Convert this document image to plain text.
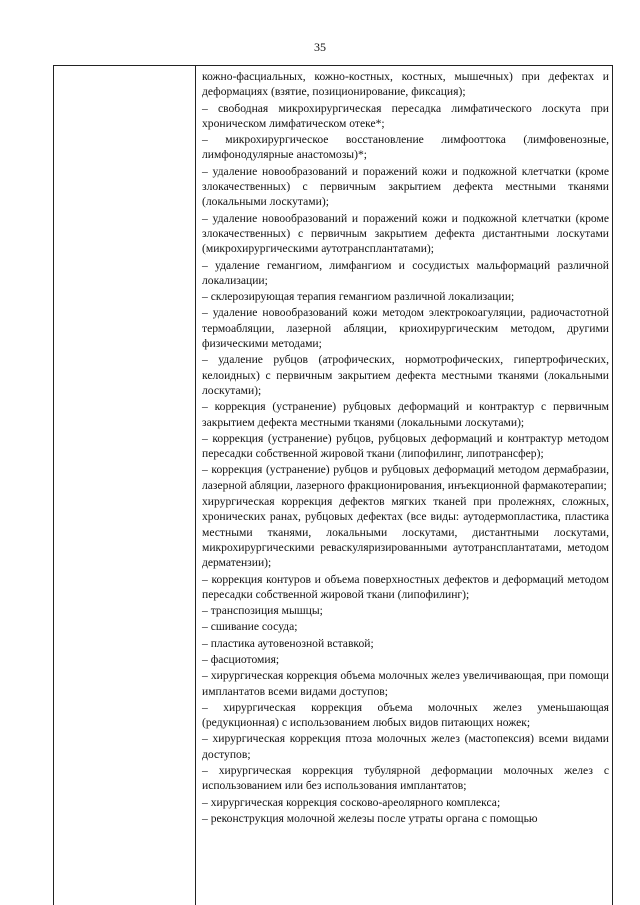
35
кожно-фасциальных, кожно-костных, костных, мышечных) при дефектах и деформациях (взятие, позиционирование, фиксация);
– свободная микрохирургическая пересадка лимфатического лоскута при хроническом лимфатическом отеке*;
– микрохирургическое восстановление лимфооттока (лимфовенозные, лимфонодулярные анастомозы)*;
– удаление новообразований и поражений кожи и подкожной клетчатки (кроме злокачественных) с первичным закрытием дефекта местными тканями (локальными лоскутами);
– удаление новообразований и поражений кожи и подкожной клетчатки (кроме злокачественных) с первичным закрытием дефекта дистантными лоскутами (микрохирургическими аутотрансплантатами);
– удаление гемангиом, лимфангиом и сосудистых мальформаций различной локализации;
– склерозирующая терапия гемангиом различной локализации;
– удаление новообразований кожи методом электрокоагуляции, радиочастотной термоабляции, лазерной абляции, криохирургическим методом, другими физическими методами;
– удаление рубцов (атрофических, нормотрофических, гипертрофических, келоидных) с первичным закрытием дефекта местными тканями (локальными лоскутами);
– коррекция (устранение) рубцовых деформаций и контрактур с первичным закрытием дефекта местными тканями (локальными лоскутами);
– коррекция (устранение) рубцов, рубцовых деформаций и контрактур методом пересадки собственной жировой ткани (липофилинг, липотрансфер);
– коррекция (устранение) рубцов и рубцовых деформаций методом дермабразии, лазерной абляции, лазерного фракционирования, инъекционной фармакотерапии;
хирургическая коррекция дефектов мягких тканей при пролежнях, сложных, хронических ранах, рубцовых дефектах (все виды: аутодермопластика, пластика местными тканями, локальными лоскутами, дистантными лоскутами, микрохирургическими реваскуляризированными аутотрансплантатами, методом дерматензии);
– коррекция контуров и объема поверхностных дефектов и деформаций методом пересадки собственной жировой ткани (липофилинг);
– транспозиция мышцы;
– сшивание сосуда;
– пластика аутовенозной вставкой;
– фасциотомия;
– хирургическая коррекция объема молочных желез увеличивающая, при помощи имплантатов всеми видами доступов;
– хирургическая коррекция объема молочных желез уменьшающая (редукционная) с использованием любых видов питающих ножек;
– хирургическая коррекция птоза молочных желез (мастопексия) всеми видами доступов;
– хирургическая коррекция тубулярной деформации молочных желез с использованием или без использования имплантатов;
– хирургическая коррекция сосково-ареолярного комплекса;
– реконструкция молочной железы после утраты органа с помощью
